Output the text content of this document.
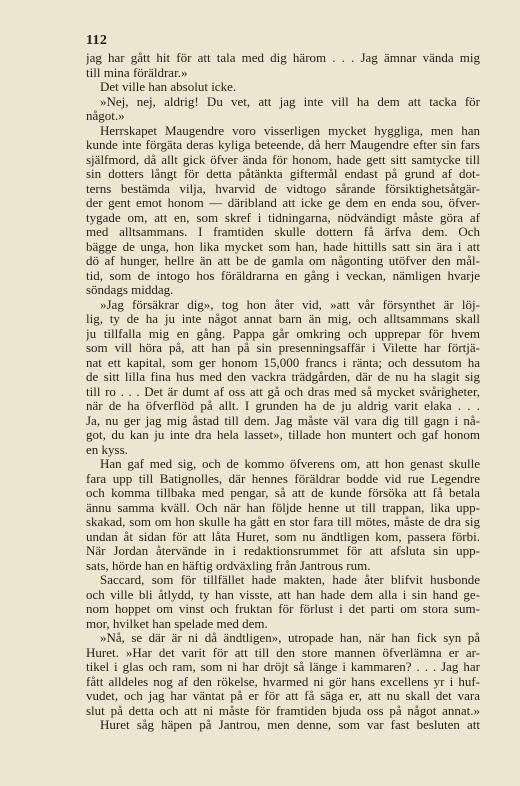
112
jag har gått hit för att tala med dig härom . . . Jag ämnar vända mig
till mina föräldrar.»
Det ville han absolut icke.
»Nej, nej, aldrig! Du vet, att jag inte vill ha dem att tacka för
något.»
Herrskapet Maugendre voro visserligen mycket hyggliga, men han
kunde inte förgäta deras kyliga beteende, då herr Maugendre efter sin fars
själfmord, då allt gick öfver ända för honom, hade gett sitt samtycke till
sin dotters långt för detta påtänkta giftermål endast på grund af dot-
terns bestämda vilja, hvarvid de vidtogo sårande försiktighetsåtgär-
der gent emot honom — däribland att icke ge dem en enda sou, öfver-
tygade om, att en, som skref i tidningarna, nödvändigt måste göra af
med alltsammans. I framtiden skulle dottern få ärfva dem. Och
bägge de unga, hon lika mycket som han, hade hittills satt sin ära i att
dö af hunger, hellre än att be de gamla om någonting utöfver den mål-
tid, som de intogo hos föräldrarna en gång i veckan, nämligen hvarje
söndags middag.
»Jag försäkrar dig», tog hon åter vid, »att vår försynthet är löj-
lig, ty de ha ju inte något annat barn än mig, och alltsammans skall
ju tillfalla mig en gång. Pappa går omkring och upprepar för hvem
som vill höra på, att han på sin presenningsaffär i Vilette har förtjä-
nat ett kapital, som ger honom 15,000 francs i ränta; och dessutom ha
de sitt lilla fina hus med den vackra trädgården, där de nu ha slagit sig
till ro . . . Det är dumt af oss att gå och dras med så mycket svårigheter,
när de ha öfverflöd på allt. I grunden ha de ju aldrig varit elaka . . .
Ja, nu ger jag mig åstad till dem. Jag måste väl vara dig till gagn i nå-
got, du kan ju inte dra hela lasset», tillade hon muntert och gaf honom
en kyss.
Han gaf med sig, och de kommo öfverens om, att hon genast skulle
fara upp till Batignolles, där hennes föräldrar bodde vid rue Legendre
och komma tillbaka med pengar, så att de kunde försöka att få betala
ännu samma kväll. Och när han följde henne ut till trappan, lika upp-
skakad, som om hon skulle ha gått en stor fara till mötes, måste de dra sig
undan åt sidan för att låta Huret, som nu ändtligen kom, passera förbi.
När Jordan återvände in i redaktionsrummet för att afsluta sin upp-
sats, hörde han en häftig ordväxling från Jantrous rum.
Saccard, som för tillfället hade makten, hade åter blifvit husbonde
och ville bli åtlydd, ty han visste, att han hade dem alla i sin hand ge-
nom hoppet om vinst och fruktan för förlust i det parti om stora sum-
mor, hvilket han spelade med dem.
»Nå, se där är ni då ändtligen», utropade han, när han fick syn på
Huret. »Har det varit för att till den store mannen öfverlämna er ar-
tikel i glas och ram, som ni har dröjt så länge i kammaren? . . . Jag har
fått alldeles nog af den rökelse, hvarmed ni gör hans excellens yr i huf-
vudet, och jag har väntat på er för att få säga er, att nu skall det vara
slut på detta och att ni måste för framtiden bjuda oss på något annat.»
Huret såg häpen på Jantrou, men denne, som var fast besluten att
